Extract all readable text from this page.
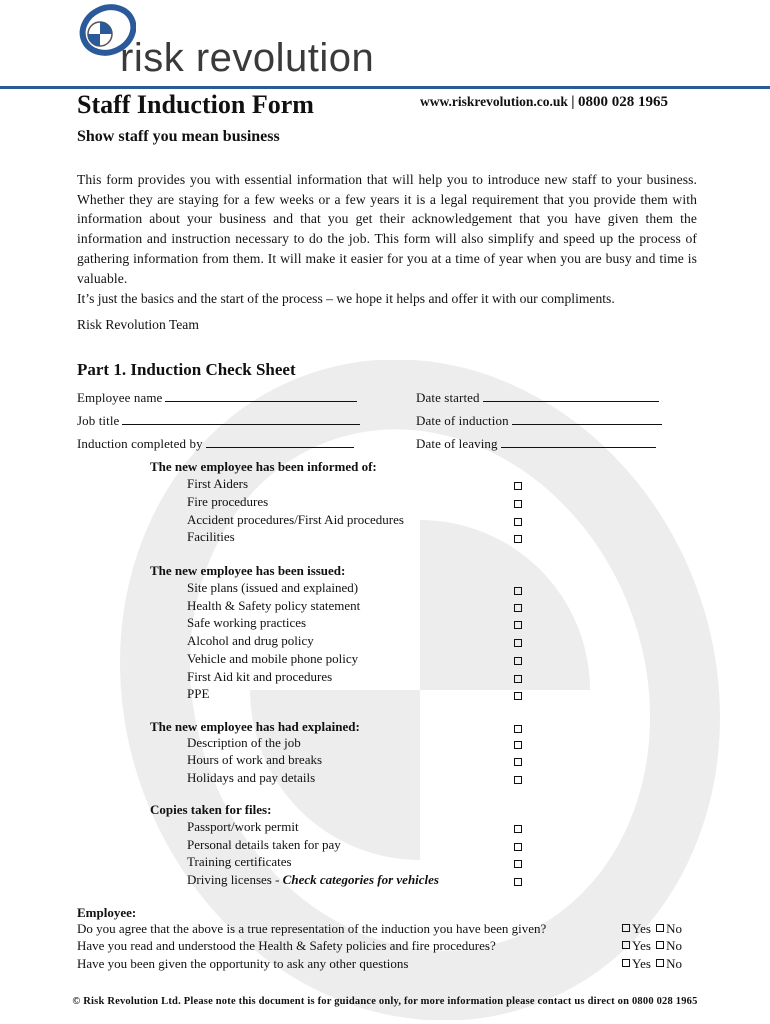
risk revolution
Staff Induction Form	www.riskrevolution.co.uk | 0800 028 1965
Show staff you mean business
This form provides you with essential information that will help you to introduce new staff to your business. Whether they are staying for a few weeks or a few years it is a legal requirement that you provide them with information about your business and that you get their acknowledgement that you have given them the information and instruction necessary to do the job. This form will also simplify and speed up the process of gathering information from them. It will make it easier for you at a time of year when you are busy and time is valuable.
It’s just the basics and the start of the process – we hope it helps and offer it with our compliments.
Risk Revolution Team
Part 1. Induction Check Sheet
Employee name
Job title
Induction completed by
Date started
Date of induction
Date of leaving
The new employee has been informed of:
First Aiders
Fire procedures
Accident procedures/First Aid procedures
Facilities
The new employee has been issued:
Site plans (issued and explained)
Health & Safety policy statement
Safe working practices
Alcohol and drug policy
Vehicle and mobile phone policy
First Aid kit and procedures
PPE
The new employee has had explained:
Description of the job
Hours of work and breaks
Holidays and pay details
Copies taken for files:
Passport/work permit
Personal details taken for pay
Training certificates
Driving licenses - Check categories for vehicles
Employee:
Do you agree that the above is a true representation of the induction you have been given?
Have you read and understood the Health & Safety policies and fire procedures?
Have you been given the opportunity to ask any other questions
Yes No
Yes No
Yes No
© Risk Revolution Ltd. Please note this document is for guidance only, for more information please contact us direct on 0800 028 1965
